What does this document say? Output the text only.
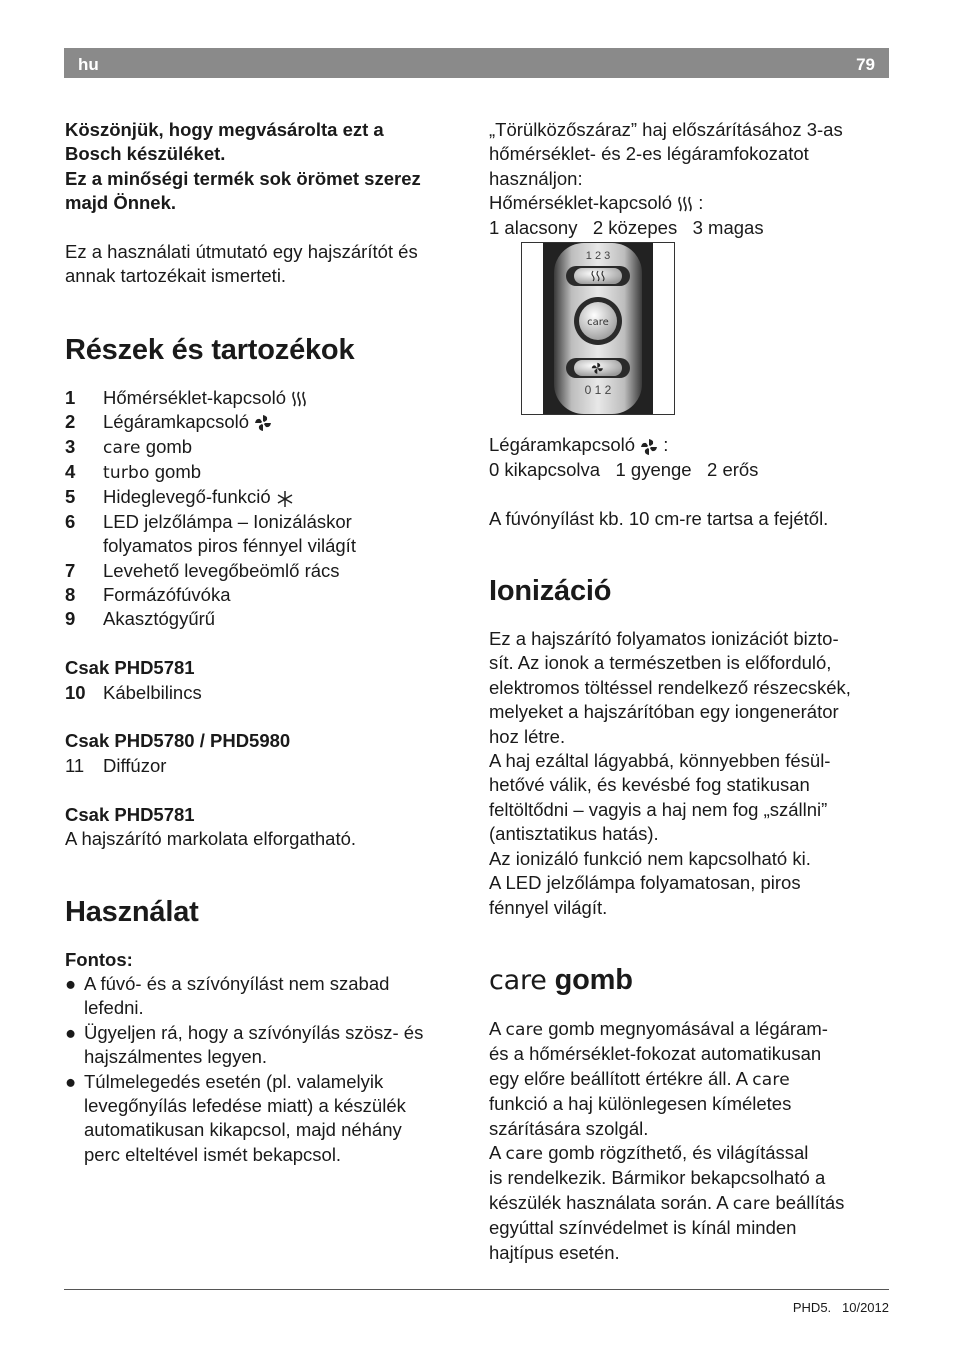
hu	79

Köszönjük, hogy megvásárolta ezt a

Bosch készüléket.

Ez a minőségi termék sok örömet szerez

majd Önnek.

Ez a használati útmutató egy hajszárítót és

annak tartozékait ismerteti.

Részek és tartozékok
1	Hőmérséklet-kapcsoló
2	Légáramkapcsoló
3	care gomb
4	turbo gomb
5	Hideglevegő-funkció
6	LED jelzőlámpa – Ionizáláskor
folyamatos piros fénnyel világít
7	Levehető levegőbeömlő rács
8	Formázófúvóka
9	Akasztógyűrű

Csak PHD5781

10 Kábelbilincs

Csak PHD5780 / PHD5980

11	Diffúzor

Csak PHD5781

A hajszárító markolata elforgatható.

Használat

Fontos:

● A fúvó- és a szívónyílást nem szabad
lefedni.
● Ügyeljen rá, hogy a szívónyílás szösz- és
hajszálmentes legyen.
● Túlmelegedés esetén (pl. valamelyik
levegőnyílás lefedése miatt) a készülék
automatikusan kikapcsol, majd néhány
perc elteltével ismét bekapcsol.

„Törülközőszáraz” haj előszárításához 3-as

hőmérséklet- és 2-es légáramfokozatot

használjon:

Hőmérséklet-kapcsoló  :

1 alacsony   2 közepes   3 magas

1 2 3
care
0 1 2

Légáramkapcsoló  :

0 kikapcsolva   1 gyenge   2 erős

A fúvónyílást kb. 10 cm-re tartsa a fejétől.

Ionizáció

Ez a hajszárító folyamatos ionizációt bizto-

sít. Az ionok a természetben is előforduló,

elektromos töltéssel rendelkező részecskék,

melyeket a hajszárítóban egy iongenerátor

hoz létre.

A haj ezáltal lágyabbá, könnyebben fésül-

hetővé válik, és kevésbé fog statikusan

feltöltődni – vagyis a haj nem fog „szállni”

(antisztatikus hatás).

Az ionizáló funkció nem kapcsolható ki.

A LED jelzőlámpa folyamatosan, piros

fénnyel világít.

care gomb

A care gomb megnyomásával a légáram-

és a hőmérséklet-fokozat automatikusan

egy előre beállított értékre áll. A care

funkció a haj különlegesen kíméletes

szárítására szolgál.

A care gomb rögzíthető, és világítással

is rendelkezik. Bármikor bekapcsolható a

készülék használata során. A care beállítás

egyúttal színvédelmet is kínál minden

hajtípus esetén.

PHD5.   10/2012
